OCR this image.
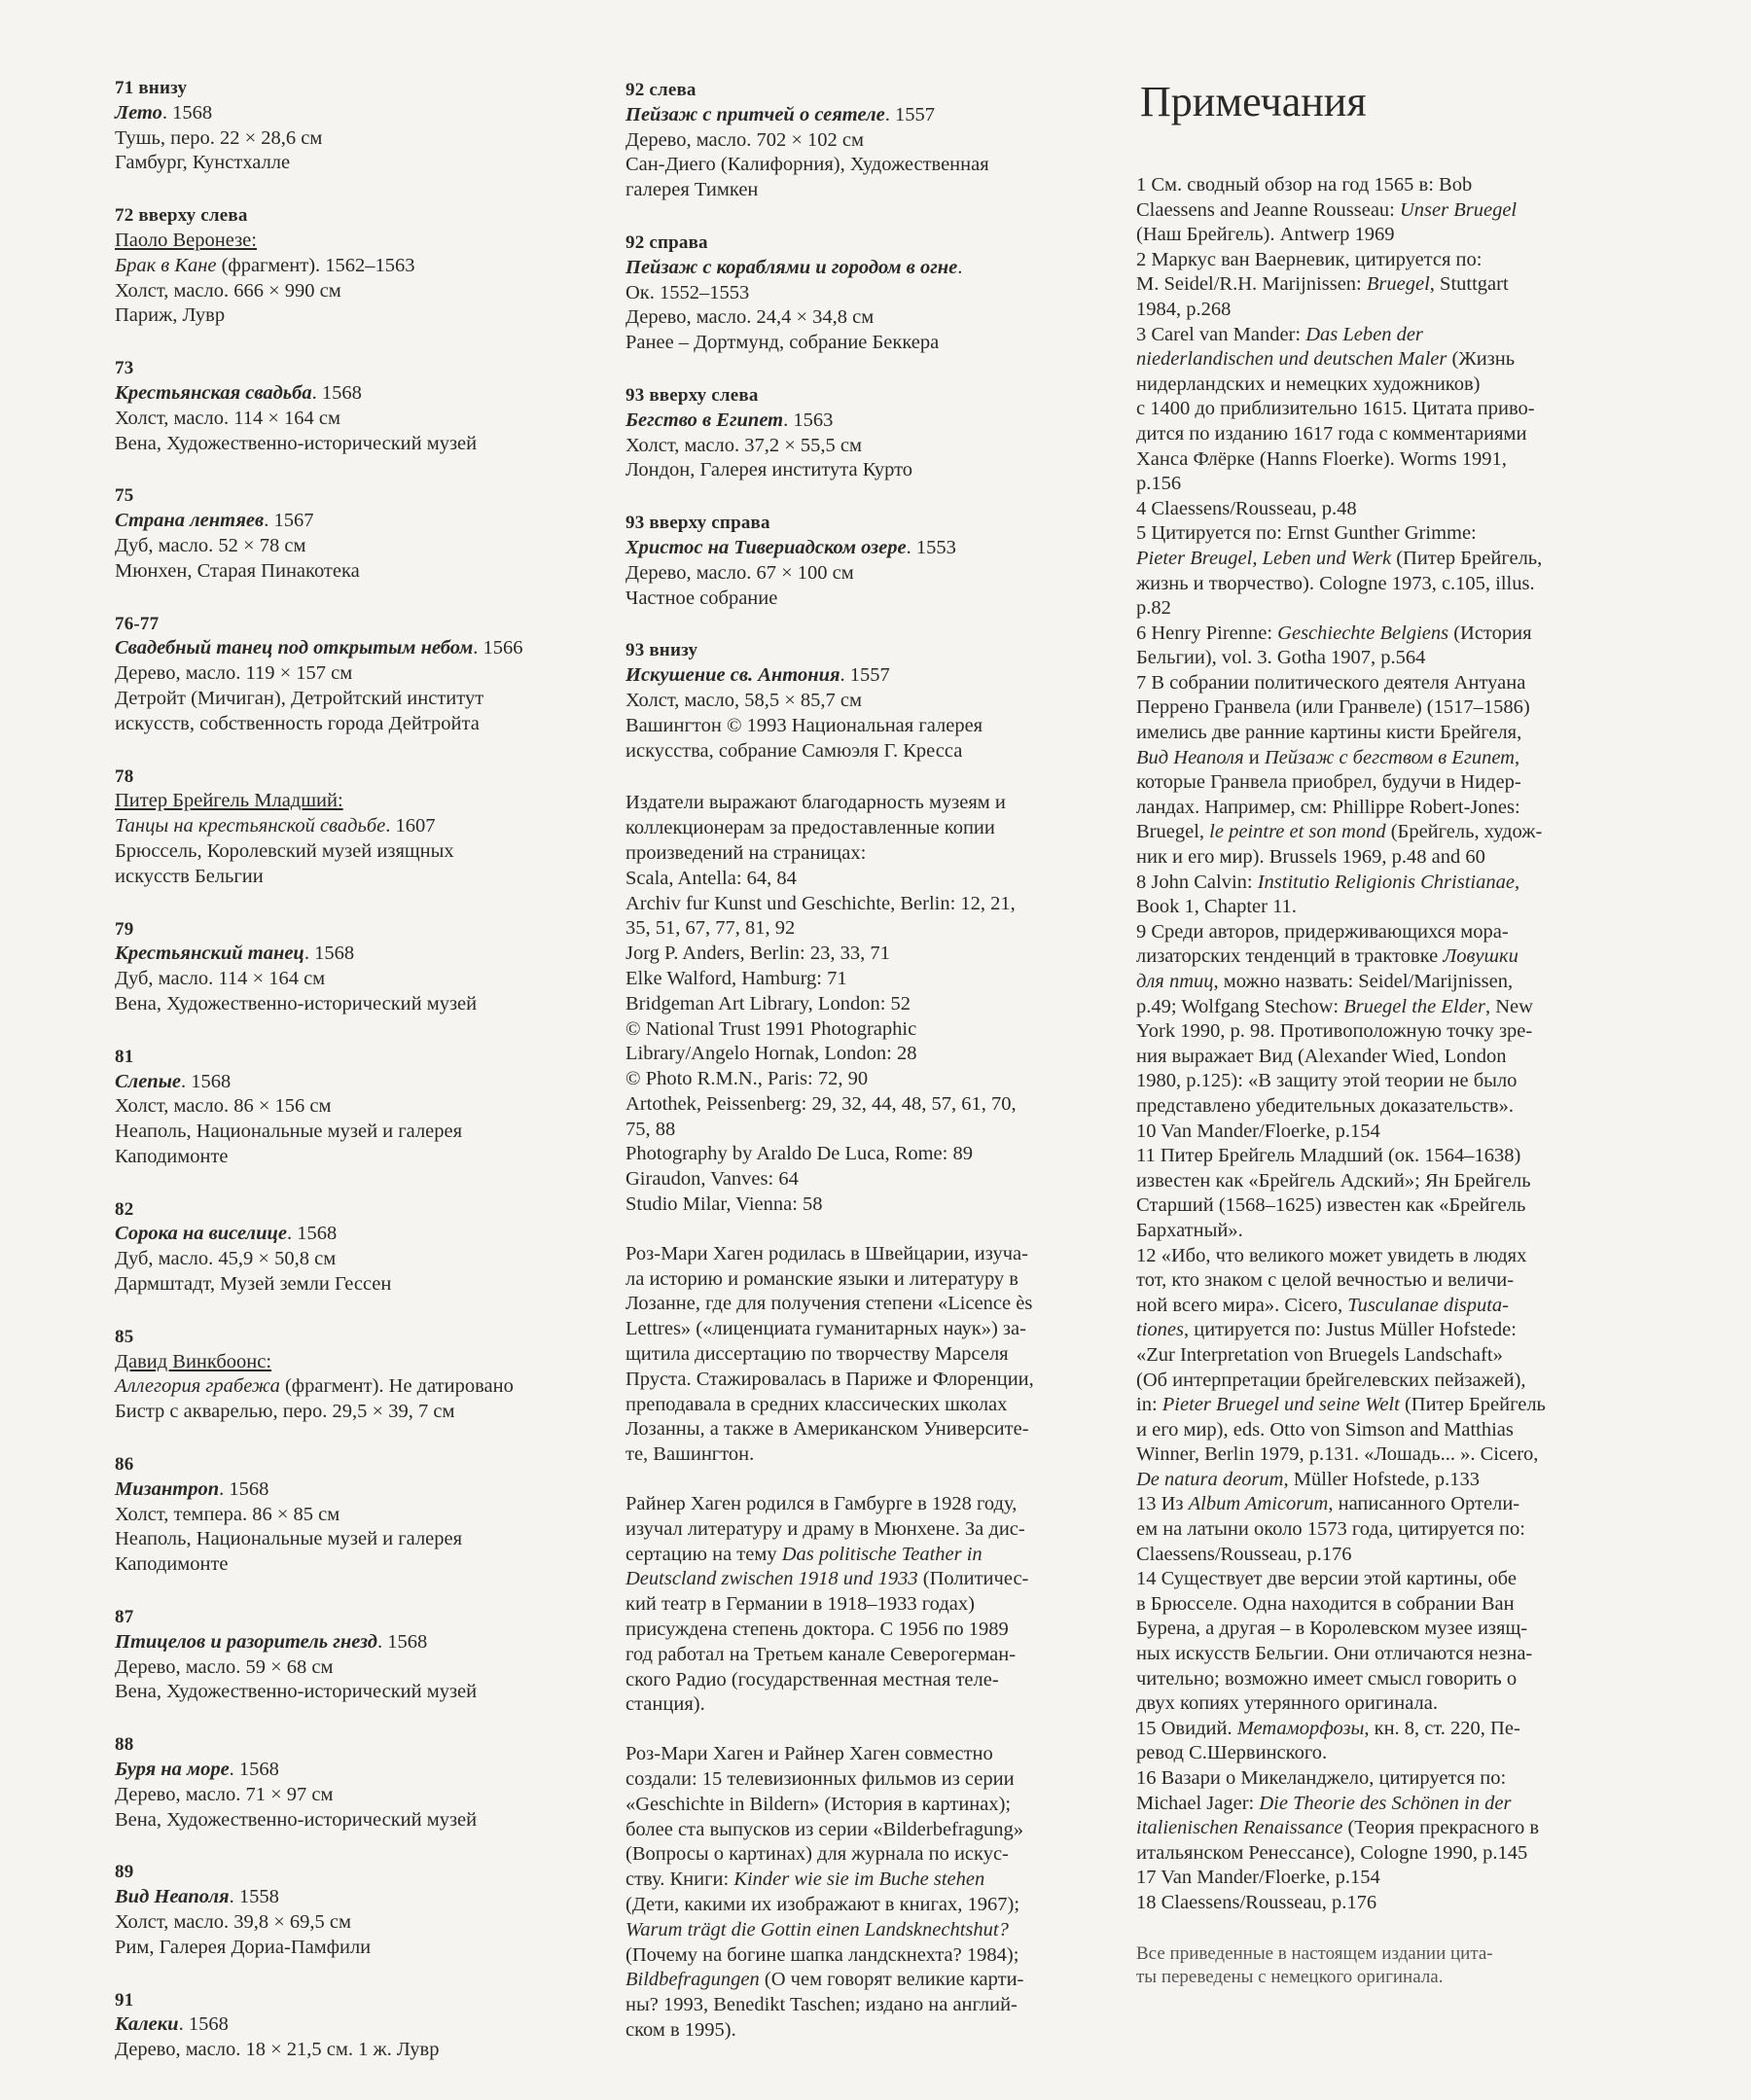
71 внизу
Лето. 1568
Тушь, перо. 22 × 28,6 см
Гамбург, Кунстхалле
72 вверху слева
Паоло Веронезе:
Брак в Кане (фрагмент). 1562–1563
Холст, масло. 666 × 990 см
Париж, Лувр
73
Крестьянская свадьба. 1568
Холст, масло. 114 × 164 см
Вена, Художественно-исторический музей
75
Страна лентяев. 1567
Дуб, масло. 52 × 78 см
Мюнхен, Старая Пинакотека
76-77
Свадебный танец под открытым небом. 1566
Дерево, масло. 119 × 157 см
Детройт (Мичиган), Детройтский институт
искусств, собственность города Дейтройта
78
Питер Брейгель Младший:
Танцы на крестьянской свадьбе. 1607
Брюссель, Королевский музей изящных
искусств Бельгии
79
Крестьянский танец. 1568
Дуб, масло. 114 × 164 см
Вена, Художественно-исторический музей
81
Слепые. 1568
Холст, масло. 86 × 156 см
Неаполь, Национальные музей и галерея
Каподимонте
82
Сорока на виселице. 1568
Дуб, масло. 45,9 × 50,8 см
Дармштадт, Музей земли Гессен
85
Давид Винкбоонс:
Аллегория грабежа (фрагмент). Не датировано
Бистр с акварелью, перо. 29,5 × 39, 7 см
86
Мизантроп. 1568
Холст, темпера. 86 × 85 см
Неаполь, Национальные музей и галерея
Каподимонте
87
Птицелов и разоритель гнезд. 1568
Дерево, масло. 59 × 68 см
Вена, Художественно-исторический музей
88
Буря на море. 1568
Дерево, масло. 71 × 97 см
Вена, Художественно-исторический музей
89
Вид Неаполя. 1558
Холст, масло. 39,8 × 69,5 см
Рим, Галерея Дориа-Памфили
91
Калеки. 1568
Дерево, масло. 18 × 21,5 см. 1 ж. Лувр
92 слева
Пейзаж с притчей о сеятеле. 1557
Дерево, масло. 702 × 102 см
Сан-Диего (Калифорния), Художественная
галерея Тимкен
92 справа
Пейзаж с кораблями и городом в огне.
Ок. 1552–1553
Дерево, масло. 24,4 × 34,8 см
Ранее – Дортмунд, собрание Беккера
93 вверху слева
Бегство в Египет. 1563
Холст, масло. 37,2 × 55,5 см
Лондон, Галерея института Курто
93 вверху справа
Христос на Тивериадском озере. 1553
Дерево, масло. 67 × 100 см
Частное собрание
93 внизу
Искушение св. Антония. 1557
Холст, масло, 58,5 × 85,7 см
Вашингтон © 1993 Национальная галерея
искусства, собрание Самюэля Г. Кресса
Издатели выражают благодарность музеям и
коллекционерам за предоставленные копии
произведений на страницах:
Scala, Antella: 64, 84
Archiv fur Kunst und Geschichte, Berlin: 12, 21,
35, 51, 67, 77, 81, 92
Jorg P. Anders, Berlin: 23, 33, 71
Elke Walford, Hamburg: 71
Bridgeman Art Library, London: 52
© National Trust 1991 Photographic
Library/Angelo Hornak, London: 28
© Photo R.M.N., Paris: 72, 90
Artothek, Peissenberg: 29, 32, 44, 48, 57, 61, 70,
75, 88
Photography by Araldo De Luca, Rome: 89
Giraudon, Vanves: 64
Studio Milar, Vienna: 58
Роз-Мари Хаген родилась в Швейцарии, изуча-
ла историю и романские языки и литературу в
Лозанне, где для получения степени «Licence ès
Lettres» («лиценциата гуманитарных наук») за-
щитила диссертацию по творчеству Марселя
Пруста. Стажировалась в Париже и Флоренции,
преподавала в средних классических школах
Лозанны, а также в Американском Университе-
те, Вашингтон.
Райнер Хаген родился в Гамбурге в 1928 году,
изучал литературу и драму в Мюнхене. За дис-
сертацию на тему Das politische Teather in
Deutscland zwischen 1918 und 1933 (Политичес-
кий театр в Германии в 1918–1933 годах)
присуждена степень доктора. С 1956 по 1989
год работал на Третьем канале Северогерман-
ского Радио (государственная местная теле-
станция).
Роз-Мари Хаген и Райнер Хаген совместно
создали: 15 телевизионных фильмов из серии
«Geschichte in Bildern» (История в картинах);
более ста выпусков из серии «Bilderbefragung»
(Вопросы о картинах) для журнала по искус-
ству. Книги: Kinder wie sie im Buche stehen
(Дети, какими их изображают в книгах, 1967);
Warum trägt die Gottin einen Landsknechtshut?
(Почему на богине шапка ландскнехта? 1984);
Bildbefragungen (О чем говорят великие карти-
ны? 1993, Benedikt Taschen; издано на англий-
ском в 1995).
Примечания
1 См. сводный обзор на год 1565 в: Bob
Claessens and Jeanne Rousseau: Unser Bruegel
(Наш Брейгель). Antwerp 1969
2 Маркус ван Ваерневик, цитируется по:
M. Seidel/R.H. Marijnissen: Bruegel, Stuttgart
1984, p.268
3 Carel van Mander: Das Leben der
niederlandischen und deutschen Maler (Жизнь
нидерландских и немецких художников)
с 1400 до приблизительно 1615. Цитата приво-
дится по изданию 1617 года с комментариями
Ханса Флёрке (Hanns Floerke). Worms 1991,
p.156
4 Claessens/Rousseau, p.48
5 Цитируется по: Ernst Gunther Grimme:
Pieter Breugel, Leben und Werk (Питер Брейгель,
жизнь и творчество). Cologne 1973, с.105, illus.
p.82
6 Henry Pirenne: Geschiechte Belgiens (История
Бельгии), vol. 3. Gotha 1907, p.564
7 В собрании политического деятеля Антуана
Перрено Гранвела (или Гранвеле) (1517–1586)
имелись две ранние картины кисти Брейгеля,
Вид Неаполя и Пейзаж с бегством в Египет,
которые Гранвела приобрел, будучи в Нидер-
ландах. Например, см: Phillippe Robert-Jones:
Bruegel, le peintre et son mond (Брейгель, худож-
ник и его мир). Brussels 1969, p.48 and 60
8 John Calvin: Institutio Religionis Christianae,
Book 1, Chapter 11.
9 Среди авторов, придерживающихся мора-
лизаторских тенденций в трактовке Ловушки
для птиц, можно назвать: Seidel/Marijnissen,
p.49; Wolfgang Stechow: Bruegel the Elder, New
York 1990, p. 98. Противоположную точку зре-
ния выражает Вид (Alexander Wied, London
1980, p.125): «В защиту этой теории не было
представлено убедительных доказательств».
10 Van Mander/Floerke, p.154
11 Питер Брейгель Младший (ок. 1564–1638)
известен как «Брейгель Адский»; Ян Брейгель
Старший (1568–1625) известен как «Брейгель
Бархатный».
12 «Ибо, что великого может увидеть в людях
тот, кто знаком с целой вечностью и величи-
ной всего мира». Cicero, Tusculanae disputa-
tiones, цитируется по: Justus Müller Hofstede:
«Zur Interpretation von Bruegels Landschaft»
(Об интерпретации брейгелевских пейзажей),
in: Pieter Bruegel und seine Welt (Питер Брейгель
и его мир), eds. Otto von Simson and Matthias
Winner, Berlin 1979, p.131. «Лошадь... ». Cicero,
De natura deorum, Müller Hofstede, p.133
13 Из Album Amicorum, написанного Ортели-
ем на латыни около 1573 года, цитируется по:
Claessens/Rousseau, p.176
14 Существует две версии этой картины, обе
в Брюсселе. Одна находится в собрании Ван
Бурена, а другая – в Королевском музее изящ-
ных искусств Бельгии. Они отличаются незна-
чительно; возможно имеет смысл говорить о
двух копиях утерянного оригинала.
15 Овидий. Метаморфозы, кн. 8, ст. 220, Пе-
ревод С.Шервинского.
16 Вазари о Микеланджело, цитируется по:
Michael Jager: Die Theorie des Schönen in der
italienischen Renaissance (Теория прекрасного в
итальянском Ренессансе), Cologne 1990, p.145
17 Van Mander/Floerke, p.154
18 Claessens/Rousseau, p.176
Все приведенные в настоящем издании цита-
ты переведены с немецкого оригинала.
